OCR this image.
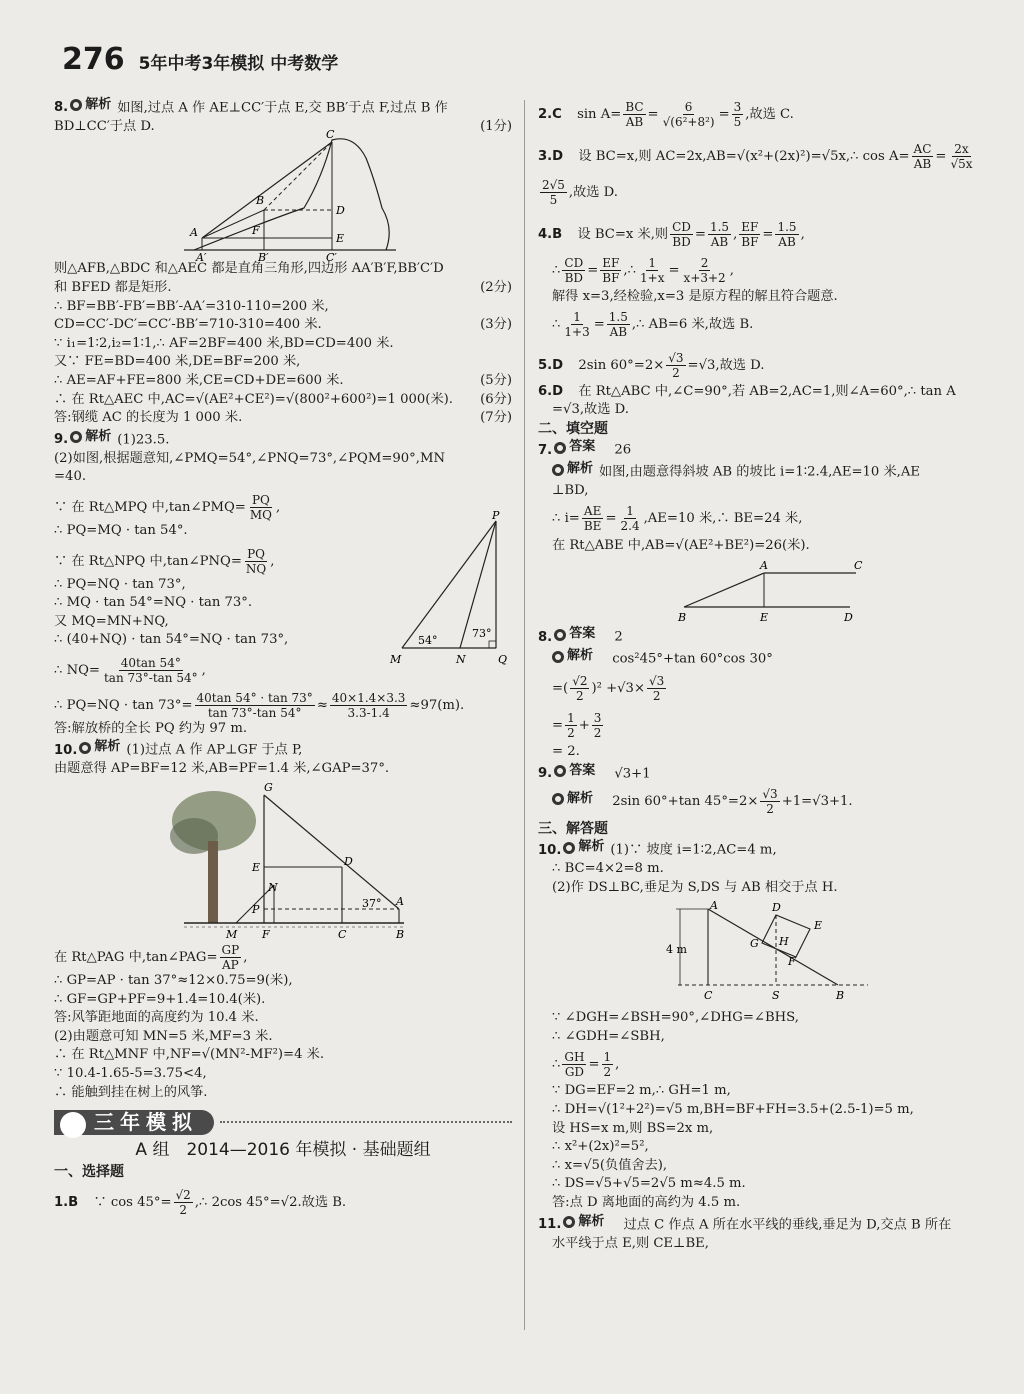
276 5年中考3年模拟 中考数学
8. 解析 如图,过点 A 作 AE⊥CC′于点 E,交 BB′于点 F,过点 B 作
BD⊥CC′于点 D.	(1分)
A
A′
B
B′
C
C′
D
E
F
则△AFB,△BDC 和△AEC 都是直角三角形,四边形 AA′B′F,BB′C′D
和 BFED 都是矩形.	(2分)
∴ BF=BB′-FB′=BB′-AA′=310-110=200 米,
CD=CC′-DC′=CC′-BB′=710-310=400 米.	(3分)
∵ i₁=1∶2,i₂=1∶1,∴ AF=2BF=400 米,BD=CD=400 米.
又∵ FE=BD=400 米,DE=BF=200 米,
∴ AE=AF+FE=800 米,CE=CD+DE=600 米.	(5分)
∴ 在 Rt△AEC 中,AC=√(AE²+CE²)=√(800²+600²)=1 000(米).	(6分)
答:钢缆 AC 的长度为 1 000 米.	(7分)
9. 解析 (1)23.5.
(2)如图,根据题意知,∠PMQ=54°,∠PNQ=73°,∠PQM=90°,MN
=40.
P
M	N	Q
54°
73°
∵ 在 Rt△MPQ 中,tan∠PMQ= $\frac{PQ}{MQ}$ ,
∴ PQ=MQ · tan 54°.
∵ 在 Rt△NPQ 中,tan∠PNQ= $\frac{PQ}{NQ}$ ,
∴ PQ=NQ · tan 73°,
∴ MQ · tan 54°=NQ · tan 73°.
又 MQ=MN+NQ,
∴ (40+NQ) · tan 54°=NQ · tan 73°,
∴ $NQ= \frac{40\tan 54^\circ}{\tan 73^\circ-\tan 54^\circ}$ ,
∴ $PQ=NQ \cdot \tan 73^\circ= \frac{40\tan 54^\circ \cdot \tan 73^\circ}{\tan 73^\circ-\tan 54^\circ} \approx \frac{40\times 1.4\times 3.3}{3.3-1.4} \approx 97(m)$.
答:解放桥的全长 PQ 约为 97 m.
10. 解析 (1)过点 A 作 AP⊥GF 于点 P,
由题意得 AP=BF=12 米,AB=PF=1.4 米,∠GAP=37°.
G
E
N
D
P
A
37°
M F	C	B
在 Rt△PAG 中,tan∠PAG= $\frac{GP}{AP}$ ,
∴ GP=AP · tan 37°≈12×0.75=9(米),
∴ GF=GP+PF=9+1.4=10.4(米).
答:风筝距地面的高度约为 10.4 米.
(2)由题意可知 MN=5 米,MF=3 米.
∴ 在 Rt△MNF 中,NF=√(MN²-MF²)=4 米.
∵ 10.4-1.65-5=3.75<4,
∴ 能触到挂在树上的风筝.
三年模拟
A 组　2014—2016 年模拟 · 基础题组
一、选择题
1.B　 ∵ $\cos 45^\circ= \frac{√2}{2}$ ,∴ 2cos 45°=√2.故选 B.
2.C　 $\sin A= \frac{BC}{AB} = \frac{6}{\text{√(6²+8²)}} = \frac{3}{5}$ ,故选 C.
3.D　 设 BC=x,则 AC=2x,AB=√(x²+(2x)²)=√5x,∴ $\cos A= \frac{AC}{AB} = \frac{2x}{√5x}$
$\frac{2√5}{5}$ ,故选 D.
4.B　 设 BC=x 米,则 $\frac{CD}{BD} = \frac{1.5}{AB}$ , $\frac{EF}{BF} = \frac{1.5}{AB}$ ,
∴ $\frac{CD}{BD} = \frac{EF}{BF}$ ,∴ $\frac{1}{1+x} = \frac{2}{x+3+2}$ ,
解得 x=3,经检验,x=3 是原方程的解且符合题意.
∴ $\frac{1}{1+3} = \frac{1.5}{AB}$ ,∴ AB=6 米,故选 B.
5.D　 2sin $60^\circ=2\times \frac{√3}{2} =√3$,故选 D.
6.D　 在 Rt△ABC 中,∠C=90°,若 AB=2,AC=1,则∠A=60°,∴ tan A
=√3,故选 D.
二、填空题
7. 答案
　 26
解析 如图,由题意得斜坡 AB 的坡比 i=1∶2.4,AE=10 米,AE
⊥BD,
∴ $i= \frac{AE}{BE} = \frac{1}{2.4} ,AE=10$ 米,∴ BE=24 米,
在 Rt△ABE 中,AB=√(AE²+BE²)=26(米).
A	C
B	E	D
8. 答案
　 2
解析
　 cos²45°+tan 60°cos 30°
=( $\frac{√2}{2} )^2 +√3\times \frac{√3}{2}$
= $\frac{1}{2} + \frac{3}{2}$
= 2.
9. 答案
　 √3+1
解析
　 2sin 60°+tan $45^\circ=2\times \frac{√3}{2} +1=√3+1$.
三、解答题
10. 解析 (1)∵ 坡度 i=1∶2,AC=4 m,
∴ BC=4×2=8 m.
(2)作 DS⊥BC,垂足为 S,DS 与 AB 相交于点 H.
4 m
A	D
E
G H
F
C	S	B
∵ ∠DGH=∠BSH=90°,∠DHG=∠BHS,
∴ ∠GDH=∠SBH,
∴ $\frac{GH}{GD} = \frac{1}{2}$ ,
∵ DG=EF=2 m,∴ GH=1 m,
∴ DH=√(1²+2²)=√5 m,BH=BF+FH=3.5+(2.5-1)=5 m,
设 HS=x m,则 BS=2x m,
∴ x²+(2x)²=5²,
∴ x=√5(负值舍去),
∴ DS=√5+√5=2√5 m≈4.5 m.
答:点 D 离地面的高约为 4.5 m.
11. 解析
　 过点 C 作点 A 所在水平线的垂线,垂足为 D,交点 B 所在
水平线于点 E,则 CE⊥BE,
